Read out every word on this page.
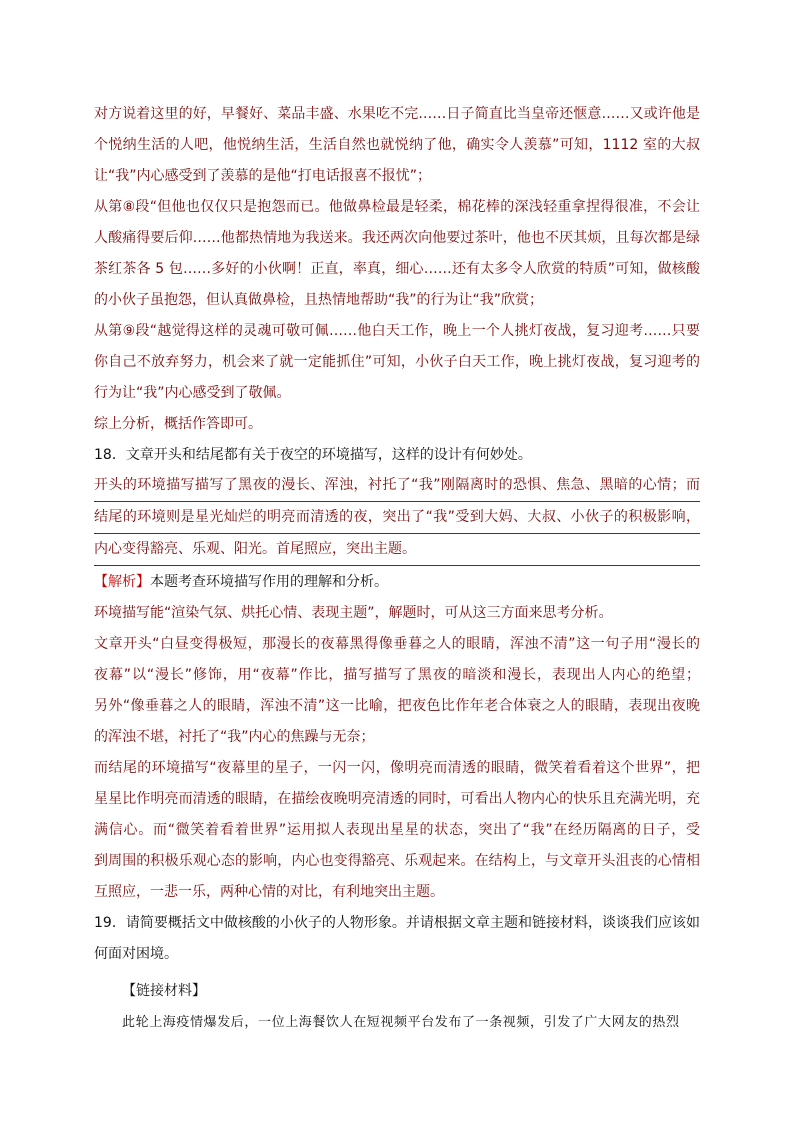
对方说着这里的好，早餐好、菜品丰盛、水果吃不完……日子简直比当皇帝还惬意……又或许他是
个悦纳生活的人吧，他悦纳生活，生活自然也就悦纳了他，确实令人羡慕”可知，1112 室的大叔
让“我”内心感受到了羡慕的是他“打电话报喜不报忧”；
从第⑧段“但他也仅仅只是抱怨而已。他做鼻检最是轻柔，棉花棒的深浅轻重拿捏得很准，不会让
人酸痛得要后仰……他都热情地为我送来。我还两次向他要过茶叶，他也不厌其烦，且每次都是绿
茶红茶各 5 包……多好的小伙啊！正直，率真，细心……还有太多令人欣赏的特质”可知，做核酸
的小伙子虽抱怨，但认真做鼻检，且热情地帮助“我”的行为让“我”欣赏；
从第⑨段“越觉得这样的灵魂可敬可佩……他白天工作，晚上一个人挑灯夜战，复习迎考……只要
你自己不放弃努力，机会来了就一定能抓住”可知，小伙子白天工作，晚上挑灯夜战，复习迎考的
行为让“我”内心感受到了敬佩。
综上分析，概括作答即可。
18．文章开头和结尾都有关于夜空的环境描写，这样的设计有何妙处。
开头的环境描写描写了黑夜的漫长、浑浊，衬托了“我”刚隔离时的恐惧、焦急、黑暗的心情；而
结尾的环境则是星光灿烂的明亮而清透的夜，突出了“我”受到大妈、大叔、小伙子的积极影响，
内心变得豁亮、乐观、阳光。首尾照应，突出主题。
【解析】本题考查环境描写作用的理解和分析。
环境描写能“渲染气氛、烘托心情、表现主题”，解题时，可从这三方面来思考分析。
文章开头“白昼变得极短，那漫长的夜幕黑得像垂暮之人的眼睛，浑浊不清”这一句子用“漫长的
夜幕”以“漫长”修饰，用“夜幕”作比，描写描写了黑夜的暗淡和漫长，表现出人内心的绝望；
另外“像垂暮之人的眼睛，浑浊不清”这一比喻，把夜色比作年老合体衰之人的眼睛，表现出夜晚
的浑浊不堪，衬托了“我”内心的焦躁与无奈；
而结尾的环境描写“夜幕里的星子，一闪一闪，像明亮而清透的眼睛，微笑着看着这个世界”，把
星星比作明亮而清透的眼睛，在描绘夜晚明亮清透的同时，可看出人物内心的快乐且充满光明，充
满信心。而“微笑着看着世界”运用拟人表现出星星的状态，突出了“我”在经历隔离的日子，受
到周围的积极乐观心态的影响，内心也变得豁亮、乐观起来。在结构上，与文章开头沮丧的心情相
互照应，一悲一乐，两种心情的对比，有利地突出主题。
19．请简要概括文中做核酸的小伙子的人物形象。并请根据文章主题和链接材料，谈谈我们应该如
何面对困境。
【链接材料】
此轮上海疫情爆发后，一位上海餐饮人在短视频平台发布了一条视频，引发了广大网友的热烈
